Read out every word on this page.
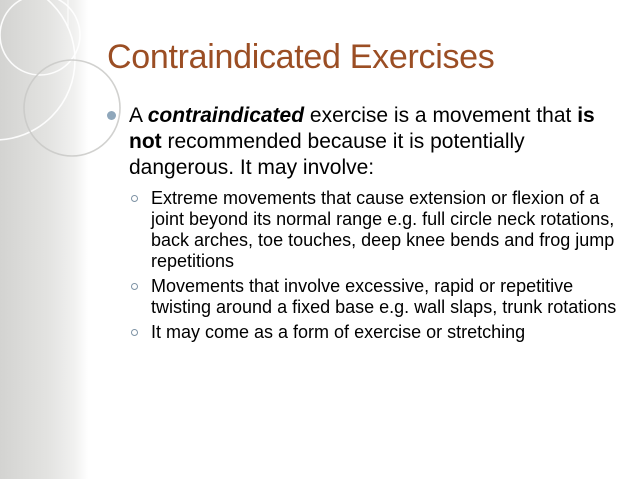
Contraindicated Exercises
A contraindicated exercise is a movement that is not recommended because it is potentially dangerous. It may involve:
Extreme movements that cause extension or flexion of a joint beyond its normal range e.g. full circle neck rotations, back arches, toe touches, deep knee bends and frog jump repetitions
Movements that involve excessive, rapid or repetitive twisting around a fixed base e.g. wall slaps, trunk rotations
It may come as a form of exercise or stretching
